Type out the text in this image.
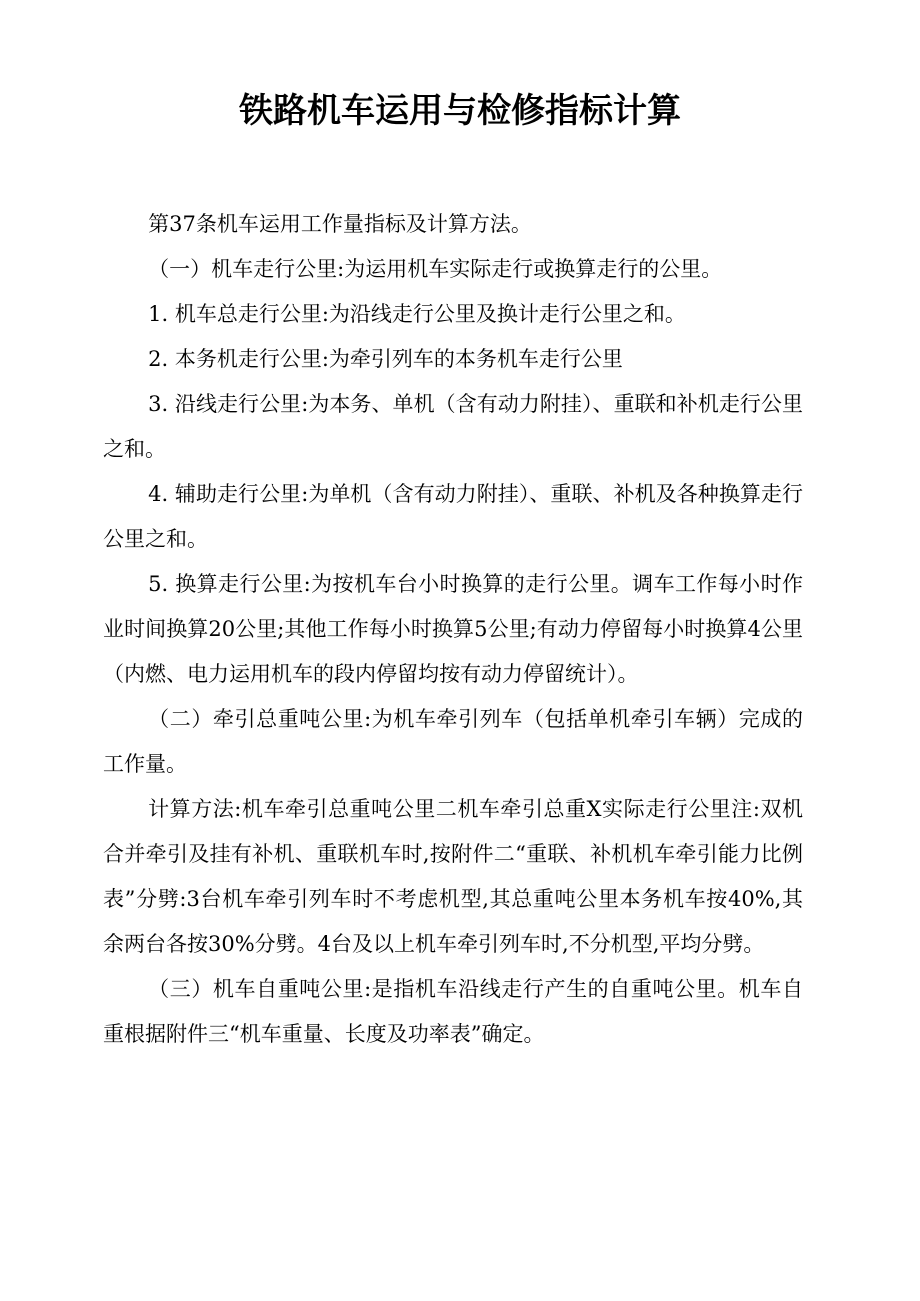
铁路机车运用与检修指标计算

第37条机车运用工作量指标及计算方法。

（一）机车走行公里:为运用机车实际走行或换算走行的公里。

1. 机车总走行公里:为沿线走行公里及换计走行公里之和。

2. 本务机走行公里:为牵引列车的本务机车走行公里

3. 沿线走行公里:为本务、单机（含有动力附挂）、重联和补机走行公里之和。

4. 辅助走行公里:为单机（含有动力附挂）、重联、补机及各种换算走行公里之和。

5. 换算走行公里:为按机车台小时换算的走行公里。调车工作每小时作业时间换算20公里;其他工作每小时换算5公里;有动力停留每小时换算4公里（内燃、电力运用机车的段内停留均按有动力停留统计）。

（二）牵引总重吨公里:为机车牵引列车（包括单机牵引车辆）完成的工作量。

计算方法:机车牵引总重吨公里二机车牵引总重X实际走行公里注:双机合并牵引及挂有补机、重联机车时,按附件二“重联、补机机车牵引能力比例表”分劈:3台机车牵引列车时不考虑机型,其总重吨公里本务机车按40%,其余两台各按30%分劈。4台及以上机车牵引列车时,不分机型,平均分劈。

（三）机车自重吨公里:是指机车沿线走行产生的自重吨公里。机车自重根据附件三“机车重量、长度及功率表”确定。
